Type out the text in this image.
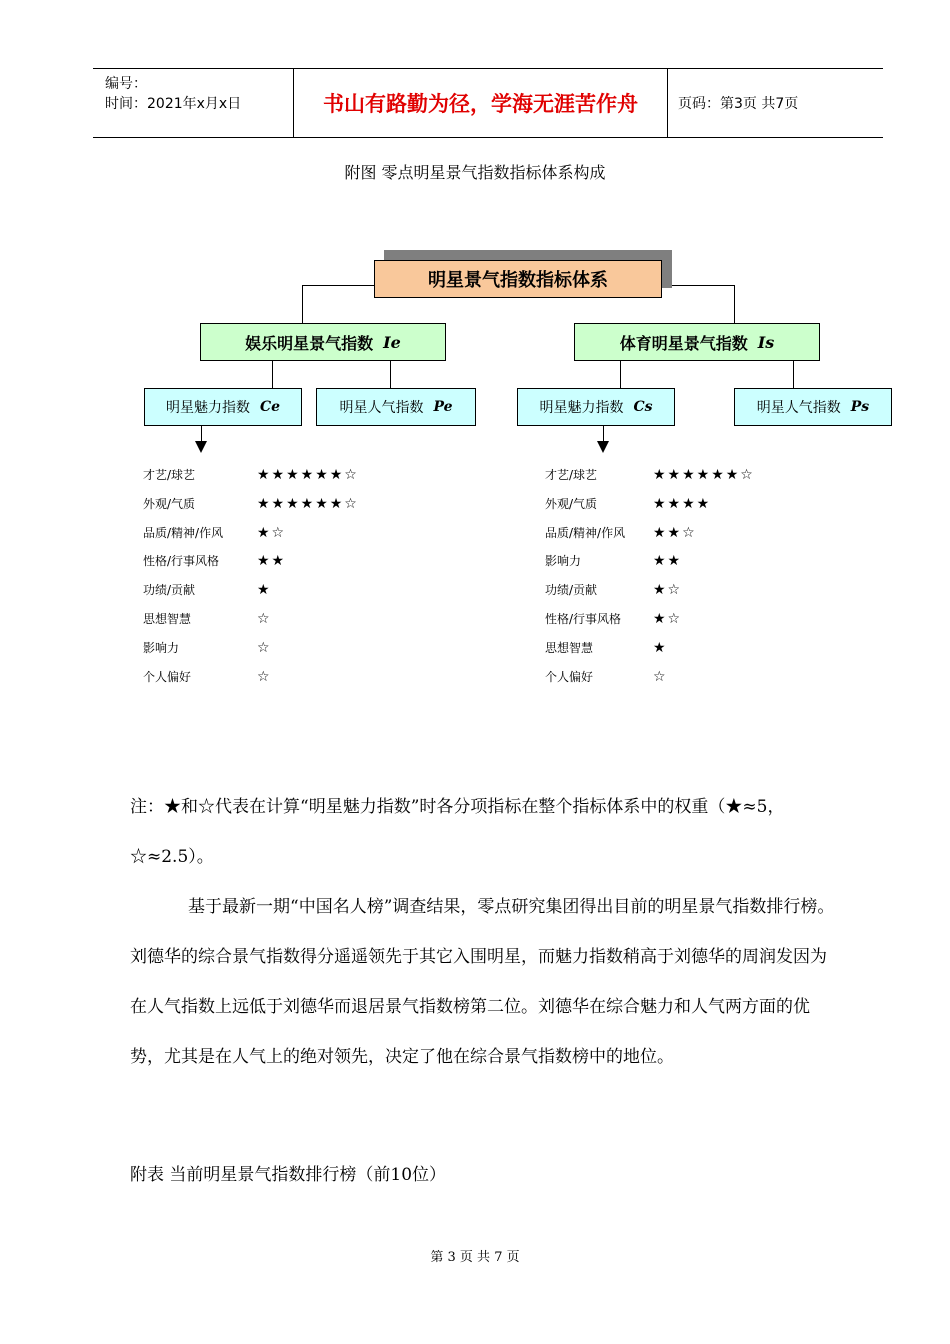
编号：
时间：2021年x月x日	书山有路勤为径，学海无涯苦作舟	页码：第3页 共7页
附图 零点明星景气指数指标体系构成
明星景气指数指标体系
娱乐明星景气指数 Ie	体育明星景气指数 Is
明星魅力指数 Ce	明星人气指数 Pe	明星魅力指数 Cs	明星人气指数 Ps
才艺/球艺	★★★★★★☆
外观/气质	★★★★★★☆
品质/精神/作风 ★☆
性格/行事风格	★★
功绩/贡献	★
思想智慧	☆
影响力	☆
个人偏好	☆
才艺/球艺	★★★★★★☆
外观/气质	★★★★
品质/精神/作风 ★★☆
影响力	★★
功绩/贡献	★☆
性格/行事风格 ★☆
思想智慧	★
个人偏好	☆
注：★和☆代表在计算“明星魅力指数”时各分项指标在整个指标体系中的权重（★≈5，☆≈2.5）。
基于最新一期“中国名人榜”调查结果，零点研究集团得出目前的明星景气指数排行榜。刘德华的综合景气指数得分遥遥领先于其它入围明星，而魅力指数稍高于刘德华的周润发因为在人气指数上远低于刘德华而退居景气指数榜第二位。刘德华在综合魅力和人气两方面的优势，尤其是在人气上的绝对领先，决定了他在综合景气指数榜中的地位。
附表 当前明星景气指数排行榜（前10位）
第 3 页 共 7 页
